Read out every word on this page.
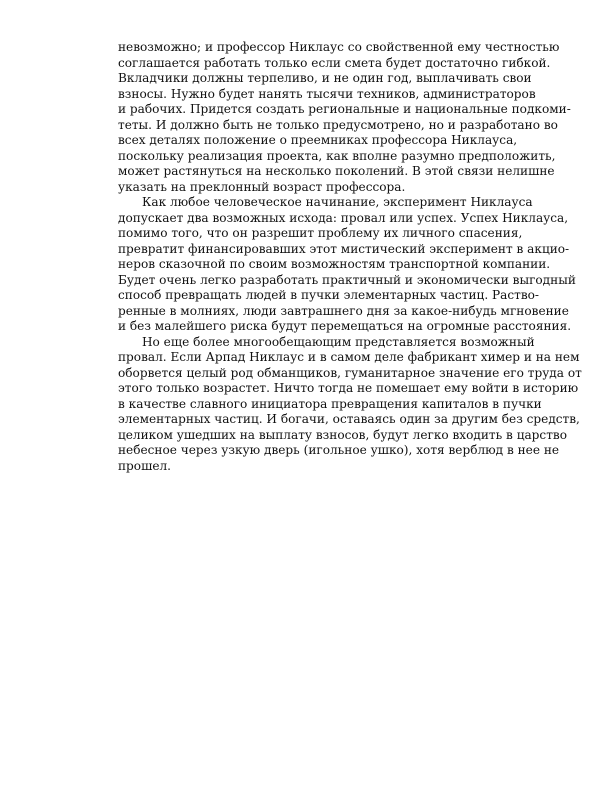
невозможно; и профессор Никлаус со свойственной ему честностью
соглашается работать только если смета будет достаточно гибкой.
Вкладчики должны терпеливо, и не один год, выплачивать свои
взносы. Нужно будет нанять тысячи техников, администраторов
и рабочих. Придется создать региональные и национальные подкоми-
теты. И должно быть не только предусмотрено, но и разработано во
всех деталях положение о преемниках профессора Никлауса,
поскольку реализация проекта, как вполне разумно предположить,
может растянуться на несколько поколений. В этой связи нелишне
указать на преклонный возраст профессора.
Как любое человеческое начинание, эксперимент Никлауса
допускает два возможных исхода: провал или успех. Успех Никлауса,
помимо того, что он разрешит проблему их личного спасения,
превратит финансировавших этот мистический эксперимент в акцио-
неров сказочной по своим возможностям транспортной компании.
Будет очень легко разработать практичный и экономически выгодный
способ превращать людей в пучки элементарных частиц. Раство-
ренные в молниях, люди завтрашнего дня за какое-нибудь мгновение
и без малейшего риска будут перемещаться на огромные расстояния.
Но еще более многообещающим представляется возможный
провал. Если Арпад Никлаус и в самом деле фабрикант химер и на нем
оборвется целый род обманщиков, гуманитарное значение его труда от
этого только возрастет. Ничто тогда не помешает ему войти в историю
в качестве славного инициатора превращения капиталов в пучки
элементарных частиц. И богачи, оставаясь один за другим без средств,
целиком ушедших на выплату взносов, будут легко входить в царство
небесное через узкую дверь (игольное ушко), хотя верблюд в нее не
прошел.
